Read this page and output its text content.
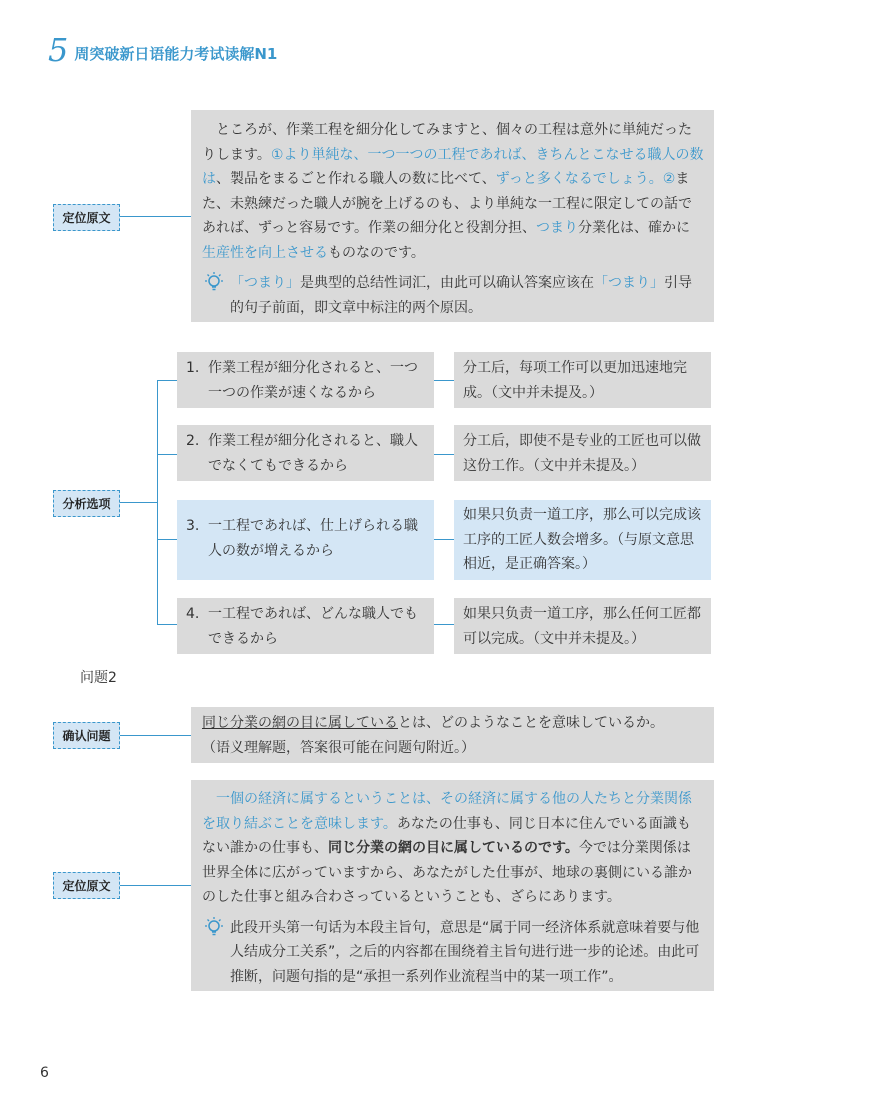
5 周突破新日语能力考试读解N1
定位原文
ところが、作業工程を細分化してみますと、個々の工程は意外に単純だったりします。①より単純な、一つ一つの工程であれば、きちんとこなせる職人の数は、製品をまるごと作れる職人の数に比べて、ずっと多くなるでしょう。②また、未熟練だった職人が腕を上げるのも、より単純な一工程に限定しての話であれば、ずっと容易です。作業の細分化と役割分担、つまり分業化は、確かに生産性を向上させるものなのです。
「つまり」是典型的总结性词汇，由此可以确认答案应该在「つまり」引导的句子前面，即文章中标注的两个原因。
分析选项
1. 作業工程が細分化されると、一つ一つの作業が速くなるから
分工后，每项工作可以更加迅速地完成。（文中并未提及。）
2. 作業工程が細分化されると、職人でなくてもできるから
分工后，即使不是专业的工匠也可以做这份工作。（文中并未提及。）
3. 一工程であれば、仕上げられる職人の数が増えるから
如果只负责一道工序，那么可以完成该工序的工匠人数会增多。（与原文意思相近，是正确答案。）
4. 一工程であれば、どんな職人でもできるから
如果只负责一道工序，那么任何工匠都可以完成。（文中并未提及。）
问题2
确认问题
同じ分業の網の目に属しているとは、どのようなことを意味しているか。
（语义理解题，答案很可能在问题句附近。）
定位原文
一個の経済に属するということは、その経済に属する他の人たちと分業関係を取り結ぶことを意味します。あなたの仕事も、同じ日本に住んでいる面識もない誰かの仕事も、同じ分業の網の目に属しているのです。今では分業関係は世界全体に広がっていますから、あなたがした仕事が、地球の裏側にいる誰かのした仕事と組み合わさっているということも、ざらにあります。
此段开头第一句话为本段主旨句，意思是“属于同一经济体系就意味着要与他人结成分工关系”，之后的内容都在围绕着主旨句进行进一步的论述。由此可推断，问题句指的是“承担一系列作业流程当中的某一项工作”。
6
